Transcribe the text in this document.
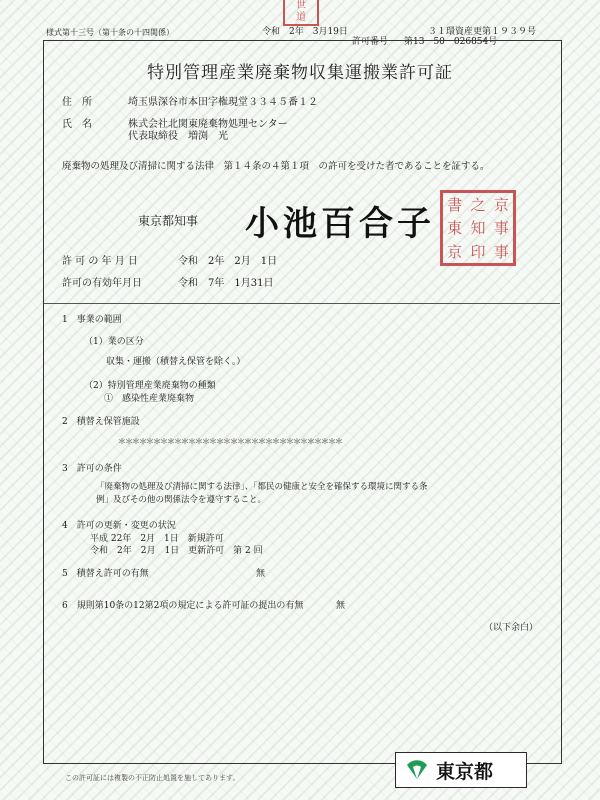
様式第十三号（第十条の十四関係）	令和　2年　3月19日	３１環資産更第１９３９号
許可番号 第13－50－026854号
世
道
特別管理産業廃棄物収集運搬業許可証
住　所	埼玉県深谷市本田字権現堂３３４５番１２
氏　名	株式会社北関東廃棄物処理センター
代表取締役　増渕　光
廃棄物の処理及び清掃に関する法律　第１４条の４第１項　の許可を受けた者であることを証する。
東京都知事 小池百合子 書 之 京
東 知 事
京 印 事
許 可 の 年 月 日	令和　2年　2月　1日
許可の有効年月日	令和　7年　1月31日
1　事業の範囲
（1）業の区分
収集・運搬（積替え保管を除く。）
（2）特別管理産業廃棄物の種類
①　感染性産業廃棄物
2　積替え保管施設
＊＊＊＊＊＊＊＊＊＊＊＊＊＊＊＊＊＊＊＊＊＊＊＊＊＊＊＊＊＊＊＊
3　許可の条件
「廃棄物の処理及び清掃に関する法律」、「都民の健康と安全を確保する環境に関する条
例」及びその他の関係法令を遵守すること。
4　許可の更新・変更の状況
平成 22年　2月　1日　新規許可
令和　2年　2月　1日　更新許可　第 2 回
5　積替え許可の有無	無
6　規則第10条の12第2項の規定による許可証の提出の有無	無
（以下余白）
この許可証には複製の不正防止処置を施してあります。	東京都
